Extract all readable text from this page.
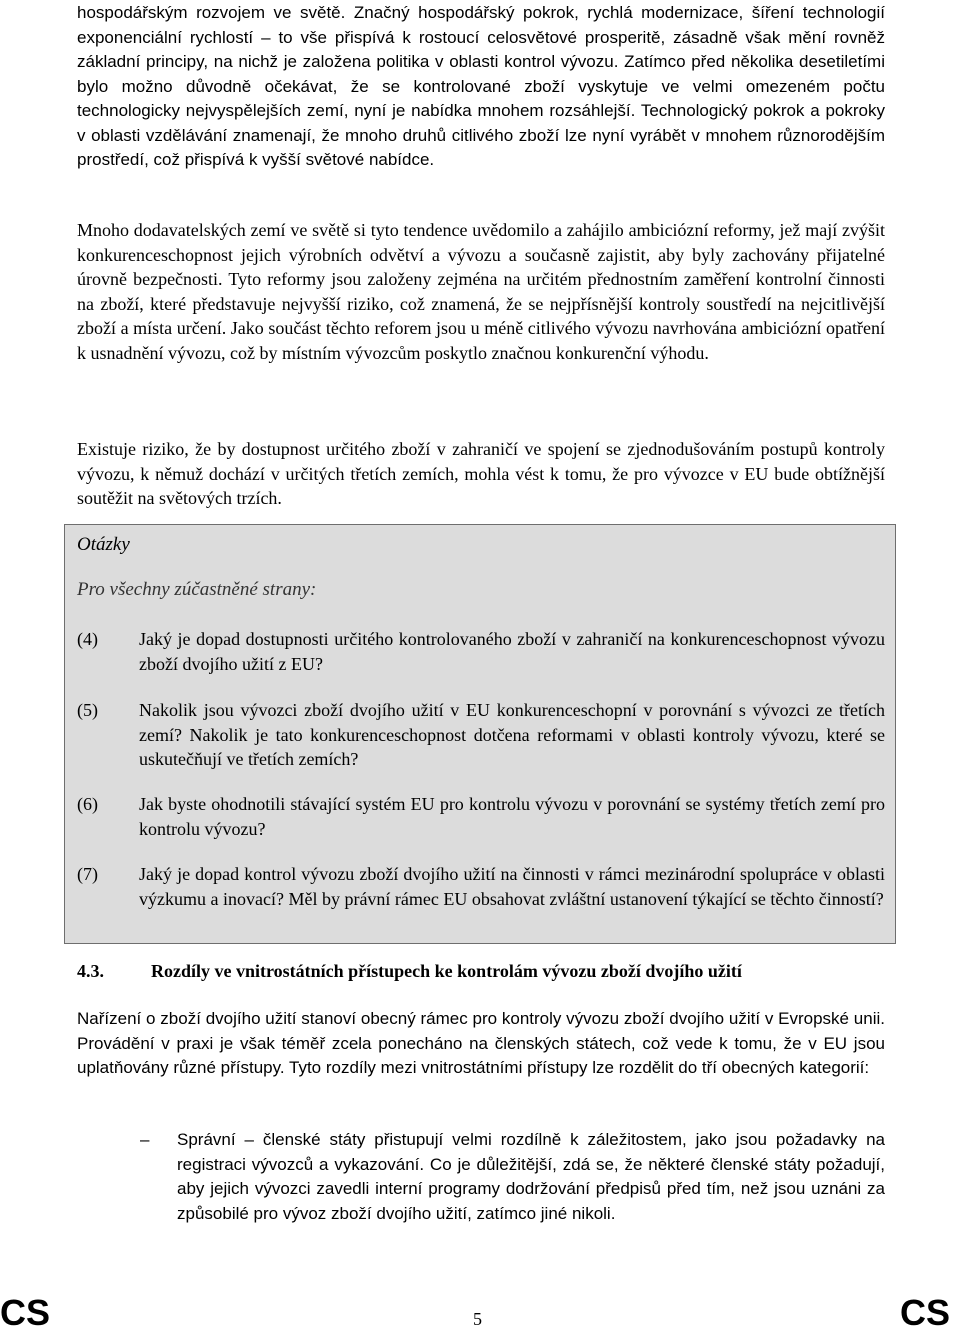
hospodářským rozvojem ve světě. Značný hospodářský pokrok, rychlá modernizace, šíření technologií exponenciální rychlostí – to vše přispívá k rostoucí celosvětové prosperitě, zásadně však mění rovněž základní principy, na nichž je založena politika v oblasti kontrol vývozu. Zatímco před několika desetiletími bylo možno důvodně očekávat, že se kontrolované zboží vyskytuje ve velmi omezeném počtu technologicky nejvyspělejších zemí, nyní je nabídka mnohem rozsáhlejší. Technologický pokrok a pokroky v oblasti vzdělávání znamenají, že mnoho druhů citlivého zboží lze nyní vyrábět v mnohem různorodějším prostředí, což přispívá k vyšší světové nabídce.

Mnoho dodavatelských zemí ve světě si tyto tendence uvědomilo a zahájilo ambiciózní reformy, jež mají zvýšit konkurenceschopnost jejich výrobních odvětví a vývozu a současně zajistit, aby byly zachovány přijatelné úrovně bezpečnosti. Tyto reformy jsou založeny zejména na určitém přednostním zaměření kontrolní činnosti na zboží, které představuje nejvyšší riziko, což znamená, že se nejpřísnější kontroly soustředí na nejcitlivější zboží a místa určení. Jako součást těchto reforem jsou u méně citlivého vývozu navrhována ambiciózní opatření k usnadnění vývozu, což by místním vývozcům poskytlo značnou konkurenční výhodu.

Existuje riziko, že by dostupnost určitého zboží v zahraničí ve spojení se zjednodušováním postupů kontroly vývozu, k němuž dochází v určitých třetích zemích, mohla vést k tomu, že pro vývozce v EU bude obtížnější soutěžit na světových trzích.

Otázky
Pro všechny zúčastněné strany:
(4) Jaký je dopad dostupnosti určitého kontrolovaného zboží v zahraničí na konkurenceschopnost vývozu zboží dvojího užití z EU?
(5) Nakolik jsou vývozci zboží dvojího užití v EU konkurenceschopní v porovnání s vývozci ze třetích zemí? Nakolik je tato konkurenceschopnost dotčena reformami v oblasti kontroly vývozu, které se uskutečňují ve třetích zemích?
(6) Jak byste ohodnotili stávající systém EU pro kontrolu vývozu v porovnání se systémy třetích zemí pro kontrolu vývozu?
(7) Jaký je dopad kontrol vývozu zboží dvojího užití na činnosti v rámci mezinárodní spolupráce v oblasti výzkumu a inovací? Měl by právní rámec EU obsahovat zvláštní ustanovení týkající se těchto činností?
4.3.	Rozdíly ve vnitrostátních přístupech ke kontrolám vývozu zboží dvojího užití

Nařízení o zboží dvojího užití stanoví obecný rámec pro kontroly vývozu zboží dvojího užití v Evropské unii. Provádění v praxi je však téměř zcela ponecháno na členských státech, což vede k tomu, že v EU jsou uplatňovány různé přístupy. Tyto rozdíly mezi vnitrostátními přístupy lze rozdělit do tří obecných kategorií:

– Správní – členské státy přistupují velmi rozdílně k záležitostem, jako jsou požadavky na registraci vývozců a vykazování. Co je důležitější, zdá se, že některé členské státy požadují, aby jejich vývozci zavedli interní programy dodržování předpisů před tím, než jsou uznáni za způsobilé pro vývoz zboží dvojího užití, zatímco jiné nikoli.
CS	5	CS
